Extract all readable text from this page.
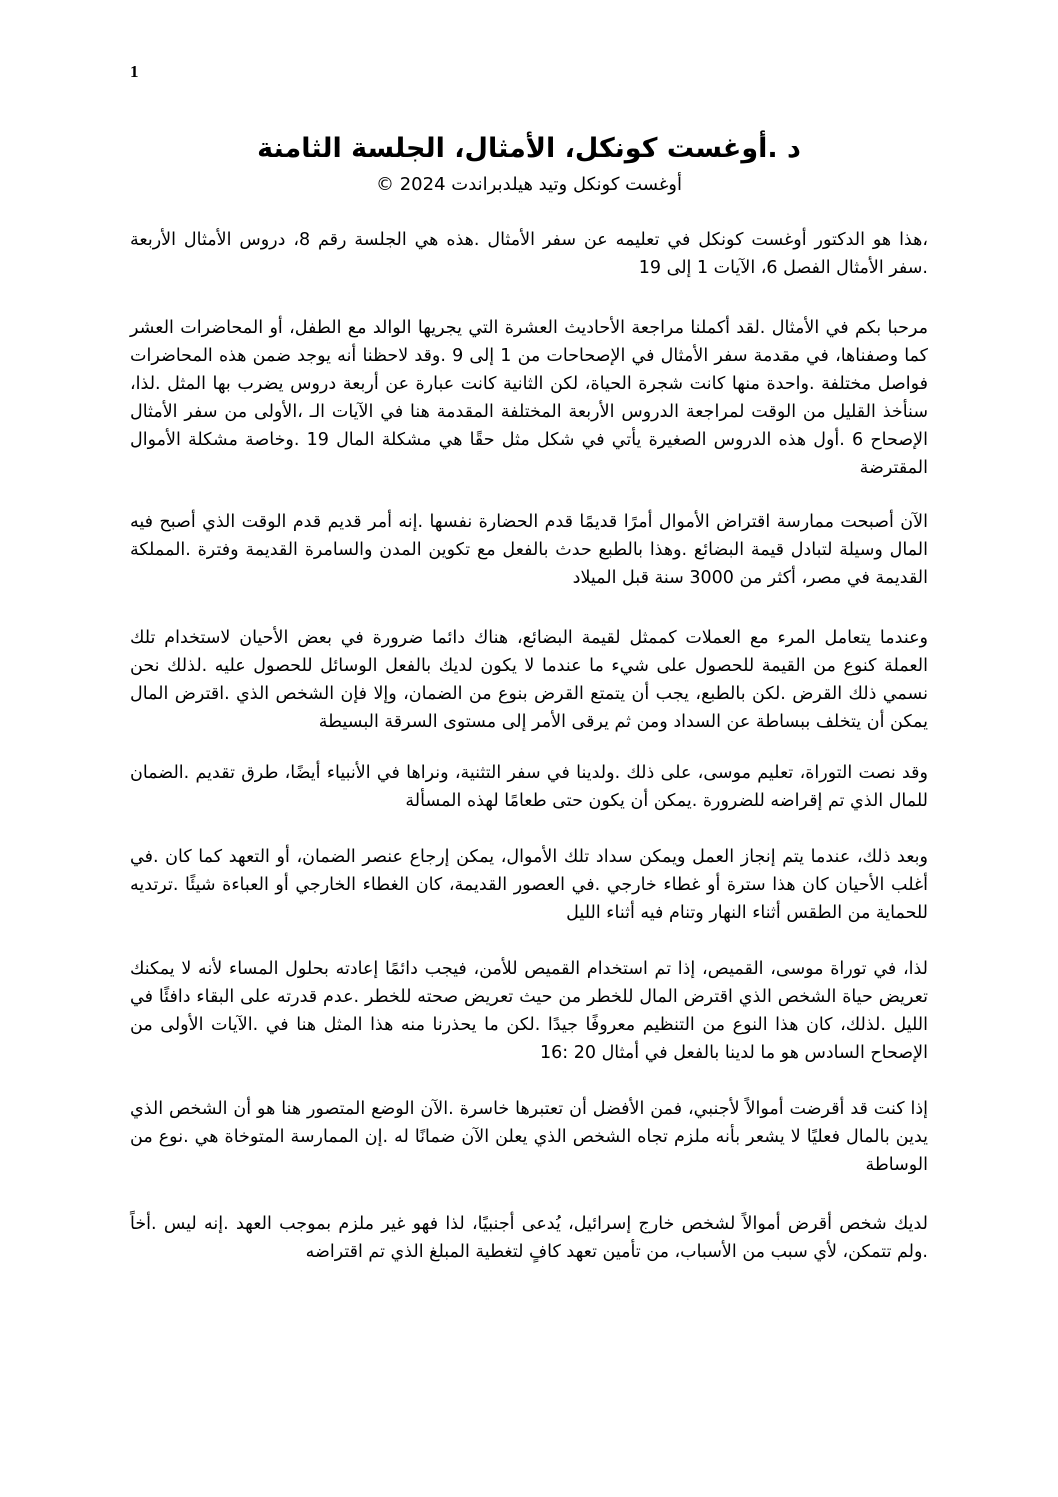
1
د .أوغست كونكل، الأمثال، الجلسة الثامنة
أوغست كونكل وتيد هيلدبراندت 2024 ©

،هذا هو الدكتور أوغست كونكل في تعليمه عن سفر الأمثال .هذه هي الجلسة رقم 8، دروس الأمثال الأربعة .سفر الأمثال الفصل 6، الآيات 1 إلى 19

مرحبا بكم في الأمثال .لقد أكملنا مراجعة الأحاديث العشرة التي يجريها الوالد مع الطفل، أو المحاضرات العشر كما وصفناها، في مقدمة سفر الأمثال في الإصحاحات من 1 إلى 9 .وقد لاحظنا أنه يوجد ضمن هذه المحاضرات فواصل مختلفة .واحدة منها كانت شجرة الحياة، لكن الثانية كانت عبارة عن أربعة دروس يضرب بها المثل .لذا، سنأخذ القليل من الوقت لمراجعة الدروس الأربعة المختلفة المقدمة هنا في الآيات الـ ،الأولى من سفر الأمثال الإصحاح 6 .أول هذه الدروس الصغيرة يأتي في شكل مثل حقًا هي مشكلة المال 19 .وخاصة مشكلة الأموال المقترضة

الآن أصبحت ممارسة اقتراض الأموال أمرًا قديمًا قدم الحضارة نفسها .إنه أمر قديم قدم الوقت الذي أصبح فيه المال وسيلة لتبادل قيمة البضائع .وهذا بالطبع حدث بالفعل مع تكوين المدن والسامرة القديمة وفترة .المملكة القديمة في مصر، أكثر من 3000 سنة قبل الميلاد

وعندما يتعامل المرء مع العملات كممثل لقيمة البضائع، هناك دائما ضرورة في بعض الأحيان لاستخدام تلك العملة كنوع من القيمة للحصول على شيء ما عندما لا يكون لديك بالفعل الوسائل للحصول عليه .لذلك نحن نسمي ذلك القرض .لكن بالطبع، يجب أن يتمتع القرض بنوع من الضمان، وإلا فإن الشخص الذي .اقترض المال يمكن أن يتخلف ببساطة عن السداد ومن ثم يرقى الأمر إلى مستوى السرقة البسيطة

وقد نصت التوراة، تعليم موسى، على ذلك .ولدينا في سفر التثنية، ونراها في الأنبياء أيضًا، طرق تقديم .الضمان للمال الذي تم إقراضه للضرورة .يمكن أن يكون حتى طعامًا لهذه المسألة

وبعد ذلك، عندما يتم إنجاز العمل ويمكن سداد تلك الأموال، يمكن إرجاع عنصر الضمان، أو التعهد كما كان .في أغلب الأحيان كان هذا سترة أو غطاء خارجي .في العصور القديمة، كان الغطاء الخارجي أو العباءة شيئًا .ترتديه للحماية من الطقس أثناء النهار وتنام فيه أثناء الليل

لذا، في توراة موسى، القميص، إذا تم استخدام القميص للأمن، فيجب دائمًا إعادته بحلول المساء لأنه لا يمكنك تعريض حياة الشخص الذي اقترض المال للخطر من حيث تعريض صحته للخطر .عدم قدرته على البقاء دافئًا في الليل .لذلك، كان هذا النوع من التنظيم معروفًا جيدًا .لكن ما يحذرنا منه هذا المثل هنا في .الآيات الأولى من الإصحاح السادس هو ما لدينا بالفعل في أمثال 20 :16

إذا كنت قد أقرضت أموالاً لأجنبي، فمن الأفضل أن تعتبرها خاسرة .الآن الوضع المتصور هنا هو أن الشخص الذي يدين بالمال فعليًا لا يشعر بأنه ملزم تجاه الشخص الذي يعلن الآن ضمانًا له .إن الممارسة المتوخاة هي .نوع من الوساطة

لديك شخص أقرض أموالاً لشخص خارج إسرائيل، يُدعى أجنبيًا، لذا فهو غير ملزم بموجب العهد .إنه ليس .أخاً .ولم تتمكن، لأي سبب من الأسباب، من تأمين تعهد كافٍ لتغطية المبلغ الذي تم اقتراضه
